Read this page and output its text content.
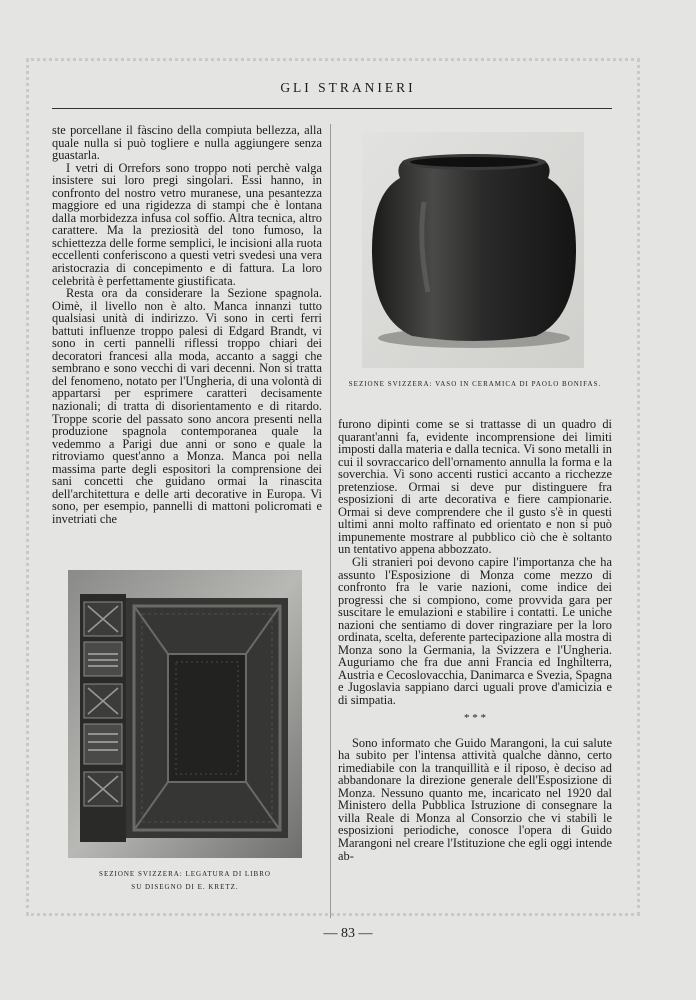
GLI STRANIERI

ste porcellane il fàscino della compiuta bellezza, alla quale nulla si può togliere e nulla aggiungere senza guastarla.

I vetri di Orrefors sono troppo noti perchè valga insistere sui loro pregi singolari. Essi hanno, in confronto del nostro vetro muranese, una pesantezza maggiore ed una rigidezza di stampi che è lontana dalla morbidezza infusa col soffio. Altra tecnica, altro carattere. Ma la preziosità del tono fumoso, la schiettezza delle forme semplici, le incisioni alla ruota eccellenti conferiscono a questi vetri svedesi una vera aristocrazia di concepimento e di fattura. La loro celebrità è perfettamente giustificata.

Resta ora da considerare la Sezione spagnola. Oimè, il livello non è alto. Manca innanzi tutto qualsiasi unità di indirizzo. Vi sono in certi ferri battuti influenze troppo palesi di Edgard Brandt, vi sono in certi pannelli riflessi troppo chiari dei decoratori francesi alla moda, accanto a saggi che sembrano e sono vecchi di vari decenni. Non si tratta del fenomeno, notato per l'Ungheria, di una volontà di appartarsi per esprimere caratteri decisamente nazionali; di tratta di disorientamento e di ritardo. Troppe scorie del passato sono ancora presenti nella produzione spagnola contemporanea quale la vedemmo a Parigi due anni or sono e quale la ritroviamo quest'anno a Monza. Manca poi nella massima parte degli espositori la comprensione dei sani concetti che guidano ormai la rinascita dell'architettura e delle arti decorative in Europa. Vi sono, per esempio, pannelli di mattoni policromati e invetriati che

SEZIONE SVIZZERA: VASO IN CERAMICA DI PAOLO BONIFAS.

furono dipinti come se si trattasse di un quadro di quarant'anni fa, evidente incomprensione dei limiti imposti dalla materia e dalla tecnica. Vi sono metalli in cui il sovraccarico dell'ornamento annulla la forma e la soverchia. Vi sono accenti rustici accanto a ricchezze pretenziose. Ormai si deve pur distinguere fra esposizioni di arte decorativa e fiere campionarie. Ormai si deve comprendere che il gusto s'è in questi ultimi anni molto raffinato ed orientato e non si può impunemente mostrare al pubblico ciò che è soltanto un tentativo appena abbozzato.

Gli stranieri poi devono capire l'importanza che ha assunto l'Esposizione di Monza come mezzo di confronto fra le varie nazioni, come indice dei progressi che si compiono, come provvida gara per suscitare le emulazioni e stabilire i contatti. Le uniche nazioni che sentiamo di dover ringraziare per la loro ordinata, scelta, deferente partecipazione alla mostra di Monza sono la Germania, la Svizzera e l'Ungheria. Auguriamo che fra due anni Francia ed Inghilterra, Austria e Cecoslovacchia, Danimarca e Svezia, Spagna e Jugoslavia sappiano darci uguali prove d'amicizia e di simpatia.

* * *

Sono informato che Guido Marangoni, la cui salute ha subito per l'intensa attività qualche dànno, certo rimediabile con la tranquillità e il riposo, è deciso ad abbandonare la direzione generale dell'Esposizione di Monza. Nessuno quanto me, incaricato nel 1920 dal Ministero della Pubblica Istruzione di consegnare la villa Reale di Monza al Consorzio che vi stabilì le esposizioni periodiche, conosce l'opera di Guido Marangoni nel creare l'Istituzione che egli oggi intende ab-

SEZIONE SVIZZERA: LEGATURA DI LIBRO
SU DISEGNO DI E. KRETZ.
— 83 —
